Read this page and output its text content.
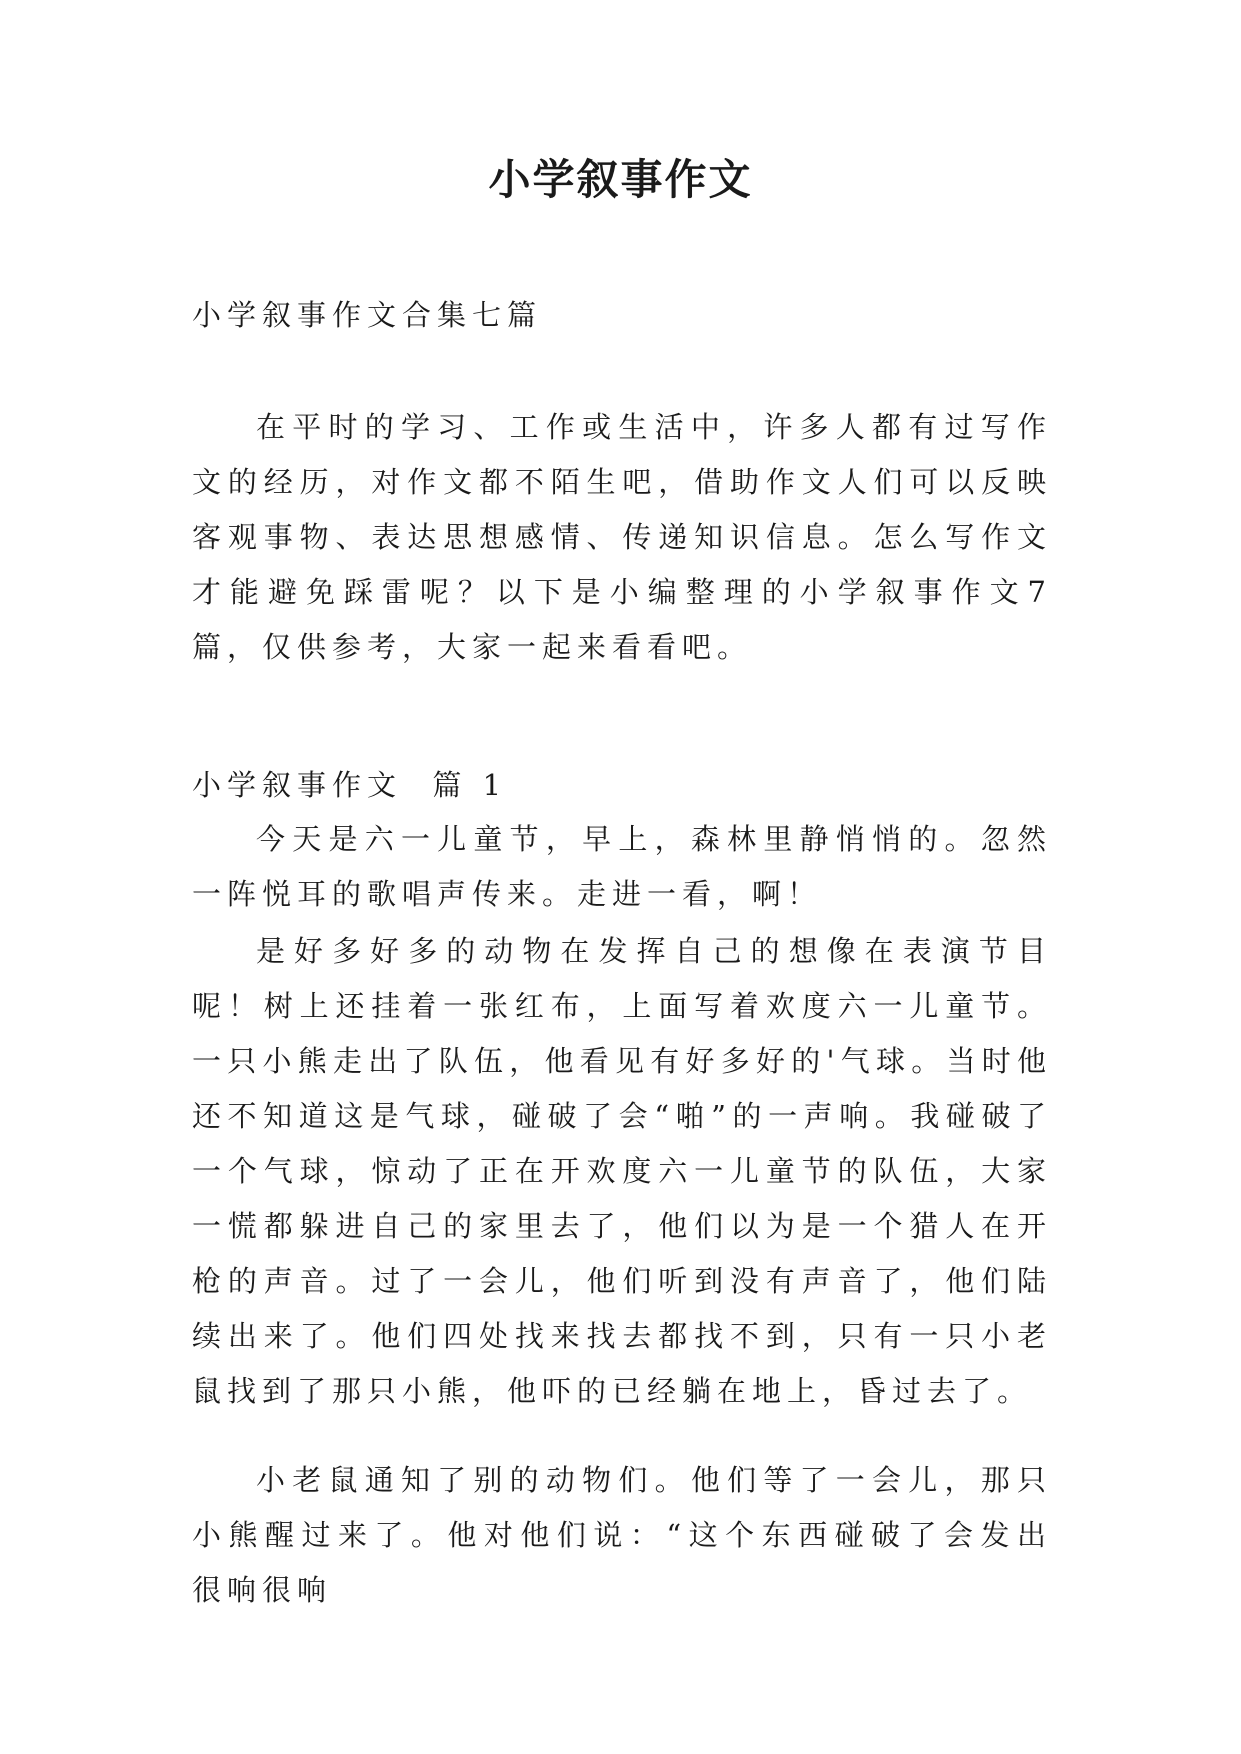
小学叙事作文

小学叙事作文合集七篇

在平时的学习、工作或生活中，许多人都有过写作文的经历，对作文都不陌生吧，借助作文人们可以反映客观事物、表达思想感情、传递知识信息。怎么写作文才能避免踩雷呢？以下是小编整理的小学叙事作文7篇，仅供参考，大家一起来看看吧。

小学叙事作文  篇 1

今天是六一儿童节，早上，森林里静悄悄的。忽然一阵悦耳的歌唱声传来。走进一看，啊！

是好多好多的动物在发挥自己的想像在表演节目呢！树上还挂着一张红布，上面写着欢度六一儿童节。一只小熊走出了队伍，他看见有好多好的'气球。当时他还不知道这是气球，碰破了会“啪”的一声响。我碰破了一个气球，惊动了正在开欢度六一儿童节的队伍，大家一慌都躲进自己的家里去了，他们以为是一个猎人在开枪的声音。过了一会儿，他们听到没有声音了，他们陆续出来了。他们四处找来找去都找不到，只有一只小老鼠找到了那只小熊，他吓的已经躺在地上，昏过去了。

小老鼠通知了别的动物们。他们等了一会儿，那只小熊醒过来了。他对他们说：“这个东西碰破了会发出很响很响
